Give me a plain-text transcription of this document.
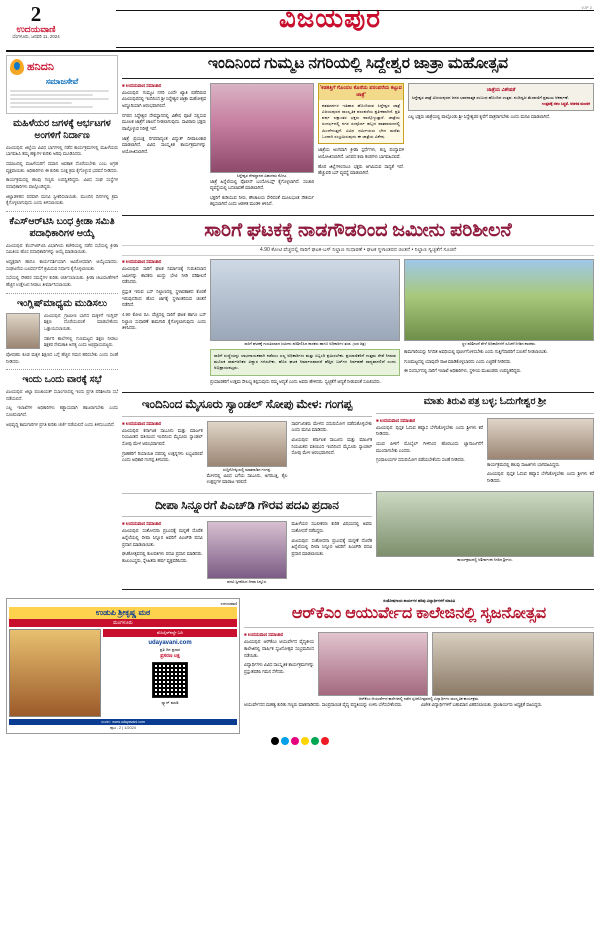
2
ಉದಯವಾಣಿ
ಬೆಂಗಳೂರು, ಜನವರಿ 11, 2024
ವಿಜಯಪುರ	VJP 2
ಹನಿದನಿ
ಸಮಾಜಸೇವೆ
ಮಹಿಳೆಯರ ಜಗಳಕ್ಕೆ ಆರ್ಭಟಗಳ ಅಂಗಳಿಗೆ ನಿರ್ದಾಣ

ವಿಜಯಪುರ: ಜಿಲ್ಲೆಯ ವಿವಿಧ ಭಾಗಗಳಲ್ಲಿ ನಡೆದ ಕಾರ್ಯಕ್ರಮಗಳಲ್ಲಿ ಮಹಿಳೆಯರು ಭಾಗವಹಿಸಿ ತಮ್ಮ ಹಕ್ಕುಗಳ ಕುರಿತು ಅರಿವು ಮೂಡಿಸಿದರು.

ಸಮಾಜದಲ್ಲಿ ಮಹಿಳೆಯರಿಗೆ ಸಮಾನ ಅವಕಾಶ ದೊರೆಯಬೇಕು ಎಂಬ ಆಗ್ರಹ ವ್ಯಕ್ತವಾಯಿತು. ಅಧಿಕಾರಿಗಳು ಈ ಕುರಿತು ಸೂಕ್ತ ಕ್ರಮ ಕೈಗೊಳ್ಳುವ ಭರವಸೆ ನೀಡಿದರು.

ಕಾರ್ಯಕ್ರಮದಲ್ಲಿ ಹಲವು ಗಣ್ಯರು ಉಪಸ್ಥಿತರಿದ್ದರು. ವಿವಿಧ ಸಂಘ ಸಂಸ್ಥೆಗಳ ಪದಾಧಿಕಾರಿಗಳು ಪಾಲ್ಗೊಂಡಿದ್ದರು.

ಜಿಲ್ಲಾಡಳಿತದ ಪರವಾಗಿ ಮನವಿ ಸ್ವೀಕರಿಸಲಾಯಿತು. ಮುಂದಿನ ದಿನಗಳಲ್ಲಿ ಕ್ರಮ ಕೈಗೊಳ್ಳಲಾಗುವುದು ಎಂದು ತಿಳಿಸಲಾಯಿತು.

ಕೆಎಸ್‌ಆರ್‌ಟಿಸಿ ಬಂಧ ಕ್ರೀಡಾ ಸಮಿತಿ ಪದಾಧಿಕಾರಿಗಳ ಆಯ್ಕೆ

ವಿಜಯಪುರ: ಕೆಎಸ್‌ಆರ್‌ಟಿಸಿ ವಿಭಾಗೀಯ ಕಚೇರಿಯಲ್ಲಿ ನಡೆದ ಸಭೆಯಲ್ಲಿ ಕ್ರೀಡಾ ಸಮಿತಿಯ ಹೊಸ ಪದಾಧಿಕಾರಿಗಳನ್ನು ಆಯ್ಕೆ ಮಾಡಲಾಯಿತು.

ಅಧ್ಯಕ್ಷರಾಗಿ ಹಾಗೂ ಕಾರ್ಯದರ್ಶಿಯಾಗಿ ಅವಿರೋಧವಾಗಿ ಆಯ್ಕೆಯಾದರು. ಸಂಘಟನೆಯ ಬಲವರ್ಧನೆಗೆ ಶ್ರಮಿಸುವ ನಿರ್ಧಾರ ಕೈಗೊಳ್ಳಲಾಯಿತು.

ಸಭೆಯಲ್ಲಿ ನೌಕರರ ಸಮಸ್ಯೆಗಳ ಕುರಿತು ಚರ್ಚಿಸಲಾಯಿತು. ಕ್ರೀಡಾ ಚಟುವಟಿಕೆಗಳಿಗೆ ಹೆಚ್ಚಿನ ಉತ್ತೇಜನ ನೀಡಲು ತೀರ್ಮಾನಿಸಲಾಯಿತು.

ಇಂಗ್ಲಿಷ್‌ಮಾಧ್ಯಮ ಮುಡಿಸಲು

ವಿಜಯಪುರ: ಗ್ರಾಮೀಣ ಭಾಗದ ಮಕ್ಕಳಿಗೆ ಇಂಗ್ಲಿಷ್ ಶಿಕ್ಷಣ ದೊರೆಯುವಂತೆ ಮಾಡಬೇಕೆಂದು ಒತ್ತಾಯಿಸಲಾಯಿತು.

ಸರ್ಕಾರಿ ಶಾಲೆಗಳಲ್ಲಿ ಗುಣಮಟ್ಟದ ಶಿಕ್ಷಣ ನೀಡಲು ಶಿಕ್ಷಕರ ನೇಮಕಾತಿ ಅಗತ್ಯ ಎಂದು ಅಭಿಪ್ರಾಯಪಟ್ಟರು.

ಪೋಷಕರು ಕೂಡ ಮಕ್ಕಳ ಶಿಕ್ಷಣದ ಬಗ್ಗೆ ಹೆಚ್ಚಿನ ಗಮನ ಹರಿಸಬೇಕು ಎಂದು ಸಲಹೆ ನೀಡಿದರು.

ಇಂದು ಒಂದು ವಾರಕ್ಕೆ ಸಭೆ

ವಿಜಯಪುರ: ಜಿಲ್ಲಾ ಪಂಚಾಯತ್ ಸಭಾಂಗಣದಲ್ಲಿ ಇಂದು ಪ್ರಗತಿ ಪರಿಶೀಲನಾ ಸಭೆ ನಡೆಯಲಿದೆ.

ಎಲ್ಲ ಇಲಾಖೆಗಳ ಅಧಿಕಾರಿಗಳು ಕಡ್ಡಾಯವಾಗಿ ಹಾಜರಾಗಬೇಕು ಎಂದು ಸೂಚಿಸಲಾಗಿದೆ.

ಅಭಿವೃದ್ಧಿ ಕಾಮಗಾರಿಗಳ ಪ್ರಗತಿ ಕುರಿತು ಚರ್ಚೆ ನಡೆಯಲಿದೆ ಎಂದು ತಿಳಿದುಬಂದಿದೆ.

ಇಂದಿನಿಂದ ಗುಮ್ಮಟ ನಗರಿಯಲ್ಲಿ ಸಿದ್ದೇಶ್ವರ ಜಾತ್ರಾ ಮಹೋತ್ಸವ
■ ಉದಯವಾಣಿ ಸಮಾಚಾರ

ವಿಜಯಪುರ: ಗುಮ್ಮಟ ನಗರಿ ಎಂದೇ ಖ್ಯಾತಿ ಪಡೆದಿರುವ ವಿಜಯಪುರದಲ್ಲಿ ಇಂದಿನಿಂದ ಶ್ರೀ ಸಿದ್ದೇಶ್ವರ ಜಾತ್ರಾ ಮಹೋತ್ಸವ ಅದ್ಧೂರಿಯಾಗಿ ಆರಂಭವಾಗಲಿದೆ.

ನಗರದ ಸಿದ್ದೇಶ್ವರ ದೇವಸ್ಥಾನದಲ್ಲಿ ವಿಶೇಷ ಪೂಜೆ ಸಲ್ಲಿಸುವ ಮೂಲಕ ಜಾತ್ರೆಗೆ ಚಾಲನೆ ನೀಡಲಾಗುವುದು. ಸಾವಿರಾರು ಭಕ್ತರು ಪಾಲ್ಗೊಳ್ಳುವ ನಿರೀಕ್ಷೆ ಇದೆ.

ಜಾತ್ರೆ ಪ್ರಯುಕ್ತ ನಗರದಾದ್ಯಂತ ವಿದ್ಯುತ್ ದೀಪಾಲಂಕಾರ ಮಾಡಲಾಗಿದೆ. ವಿವಿಧ ಸಾಂಸ್ಕೃತಿಕ ಕಾರ್ಯಕ್ರಮಗಳನ್ನು ಆಯೋಜಿಸಲಾಗಿದೆ.

ಸಿದ್ದೇಶ್ವರ ದೇವಸ್ಥಾನದ ವಿಹಂಗಮ ನೋಟ.

ಜಾತ್ರೆ ಹಿನ್ನೆಲೆಯಲ್ಲಿ ಪೊಲೀಸ್ ಬಂದೋಬಸ್ತ್ ಕೈಗೊಳ್ಳಲಾಗಿದೆ. ಸಂಚಾರ ವ್ಯವಸ್ಥೆಯಲ್ಲಿ ಬದಲಾವಣೆ ಮಾಡಲಾಗಿದೆ.

ಭಕ್ತರಿಗೆ ಕುಡಿಯುವ ನೀರು, ಶೌಚಾಲಯ ಸೇರಿದಂತೆ ಮೂಲಭೂತ ಸೌಕರ್ಯ ಕಲ್ಪಿಸಲಾಗಿದೆ ಎಂದು ಆಡಳಿತ ಮಂಡಳಿ ತಿಳಿಸಿದೆ.

'ಕಡಕತ್ತಿಗೆ ಗೊಂದಲ ಕೊನೆಯ ಪರಂಪರೆಯ ಕಟ್ಟುವ ಜಾತ್ರೆ'
ಶತಮಾನಗಳ ಇತಿಹಾಸ ಹೊಂದಿರುವ ಸಿದ್ದೇಶ್ವರ ಜಾತ್ರೆ ವಿಜಯಪುರದ ಸಾಂಸ್ಕೃತಿಕ ಪರಂಪರೆಯ ಪ್ರತೀಕವಾಗಿದೆ. ಪ್ರತಿ ವರ್ಷ ಲಕ್ಷಾಂತರ ಭಕ್ತರು ಪಾಲ್ಗೊಳ್ಳುತ್ತಾರೆ. ಜಾತ್ರೆಯ ಸಂದರ್ಭದಲ್ಲಿ ನಗರ ಸಂಪೂರ್ಣ ಹಬ್ಬದ ವಾತಾವರಣದಲ್ಲಿ ಮಿಂದೇಳುತ್ತದೆ. ವಿವಿಧ ಧರ್ಮಿಯರು ಭೇದ ಮರೆತು ಒಂದಾಗಿ ಸಂಭ್ರಮಿಸುವುದು ಈ ಜಾತ್ರೆಯ ವಿಶೇಷ.

ಜಾತ್ರೆಯ ಅಂಗವಾಗಿ ಕ್ರೀಡಾ ಸ್ಪರ್ಧೆಗಳು, ಕುಸ್ತಿ ಪಂದ್ಯಾವಳಿ ಆಯೋಜಿಸಲಾಗಿದೆ. ಜನಪದ ಕಲಾ ತಂಡಗಳು ಭಾಗವಹಿಸಲಿವೆ.

ಹೊರ ಜಿಲ್ಲೆಗಳಿಂದಲೂ ಭಕ್ತರು ಆಗಮಿಸುವ ಸಾಧ್ಯತೆ ಇದೆ. ಹೆಚ್ಚುವರಿ ಬಸ್ ವ್ಯವಸ್ಥೆ ಮಾಡಲಾಗಿದೆ.

ಜಾತ್ರೆಯ ವಿಶೇಷತೆ
ಸಿದ್ದೇಶ್ವರ ಜಾತ್ರೆ ವಿಜಯಪುರದ ಜನರ ಭಾವನಾತ್ಮಕ ಸಂಬಂಧ ಹೊಂದಿದ ಉತ್ಸವ. ನಂದಿಧ್ವಜ ಮೆರವಣಿಗೆ ಪ್ರಮುಖ ಆಕರ್ಷಣೆ.
ಉತ್ಸವಕ್ಕೆ ಸಕಲ ಸಿದ್ಧತೆ- ಆಡಳಿತ ಮಂಡಳಿ

ಎಲ್ಲ ಭಕ್ತರು ಜಾತ್ರೆಯಲ್ಲಿ ಪಾಲ್ಗೊಂಡು ಶ್ರೀ ಸಿದ್ದೇಶ್ವರರ ಕೃಪೆಗೆ ಪಾತ್ರರಾಗಬೇಕು ಎಂದು ಮನವಿ ಮಾಡಲಾಗಿದೆ.

ಸಾರಿಗೆ ಘಟಕಕ್ಕೆ ನಾಡಗೌಡರಿಂದ ಜಮೀನು ಪರಿಶೀಲನೆ
4.90 ಕೋಟಿ ವೆಚ್ಚದಲ್ಲಿ ಸಾರಿಗೆ ಘಟಕ-ಬಸ್ ನಿಲ್ದಾಣ ಸುಧಾರಣೆ • ಘಟಕ ಸ್ಥಳಾಂತರದ ಚಿಂತನೆ • ನಿಲ್ದಾಣ ಸ್ವಚ್ಛತೆಗೆ ಸೂಚನೆ
■ ಉದಯವಾಣಿ ಸಮಾಚಾರ

ವಿಜಯಪುರ: ಸಾರಿಗೆ ಘಟಕ ನಿರ್ಮಾಣಕ್ಕೆ ಗುರುತಿಸಲಾದ ಜಮೀನನ್ನು ಶಾಸಕರು ಖುದ್ದು ಭೇಟಿ ನೀಡಿ ಪರಿಶೀಲನೆ ನಡೆಸಿದರು.

ಪ್ರಸ್ತುತ ಇರುವ ಬಸ್ ನಿಲ್ದಾಣದಲ್ಲಿ ಸ್ಥಳಾವಕಾಶದ ಕೊರತೆ ಇರುವುದರಿಂದ ಹೊಸ ಜಾಗಕ್ಕೆ ಸ್ಥಳಾಂತರಿಸುವ ಚಿಂತನೆ ನಡೆದಿದೆ.

4.90 ಕೋಟಿ ರೂ. ವೆಚ್ಚದಲ್ಲಿ ಸಾರಿಗೆ ಘಟಕ ಹಾಗೂ ಬಸ್ ನಿಲ್ದಾಣ ಸುಧಾರಣೆ ಕಾಮಗಾರಿ ಕೈಗೊಳ್ಳಲಾಗುವುದು ಎಂದು ತಿಳಿಸಿದರು.

ಸಾರಿಗೆ ಘಟಕಕ್ಕೆ ಗುರುತಿಸಲಾದ ಜಮೀನು ಪರಿಶೀಲಿಸಿದ ಶಾಸಕರು ಹಾಗೂ ಅಧಿಕಾರಿಗಳ ತಂಡ. (ಎಡ ಚಿತ್ರ)
ಸಾರಿಗೆ ಸಂಸ್ಥೆಯನ್ನು ಲಾಭದಾಯಕವಾಗಿ ನಡೆಸಲು ಎಲ್ಲ ಅಧಿಕಾರಿಗಳು ಮತ್ತು ಸಿಬ್ಬಂದಿ ಶ್ರಮಿಸಬೇಕು. ಪ್ರಯಾಣಿಕರಿಗೆ ಉತ್ತಮ ಸೇವೆ ನೀಡುವ ಮೂಲಕ ಸಾರ್ವಜನಿಕರ ವಿಶ್ವಾಸ ಗಳಿಸಬೇಕು. ಹೊಸ ಘಟಕ ನಿರ್ಮಾಣವಾದರೆ ಹೆಚ್ಚಿನ ಬಸ್‌ಗಳ ನಿರ್ವಹಣೆ ಸಾಧ್ಯವಾಗಲಿದೆ ಎಂದು ಅಭಿಪ್ರಾಯಪಟ್ಟರು.

ಪ್ರಯಾಣಿಕರಿಗೆ ಉತ್ತಮ ಸೌಲಭ್ಯ ಕಲ್ಪಿಸುವುದು ನಮ್ಮ ಆದ್ಯತೆ ಎಂದು ಅವರು ಹೇಳಿದರು. ಸ್ವಚ್ಛತೆಗೆ ಆದ್ಯತೆ ನೀಡುವಂತೆ ಸೂಚಿಸಿದರು.

ಸ್ಥಳ ಪರಿಶೀಲನೆ ವೇಳೆ ಅಧಿಕಾರಿಗಳಿಗೆ ಸೂಚನೆ ನೀಡಿದ ಶಾಸಕರು.

ಕಾಮಗಾರಿಯನ್ನು ನಿಗದಿತ ಅವಧಿಯಲ್ಲಿ ಪೂರ್ಣಗೊಳಿಸಬೇಕು ಎಂದು ಗುತ್ತಿಗೆದಾರರಿಗೆ ಸೂಚನೆ ನೀಡಲಾಯಿತು.

ಗುಣಮಟ್ಟದಲ್ಲಿ ಯಾವುದೇ ರಾಜಿ ಮಾಡಿಕೊಳ್ಳಬಾರದು ಎಂದು ಎಚ್ಚರಿಕೆ ನೀಡಿದರು.

ಈ ಸಂದರ್ಭದಲ್ಲಿ ಸಾರಿಗೆ ಇಲಾಖೆ ಅಧಿಕಾರಿಗಳು, ಸ್ಥಳೀಯ ಮುಖಂಡರು ಉಪಸ್ಥಿತರಿದ್ದರು.

ಇಂದಿನಿಂದ ಮೈಸೂರು ಸ್ಯಾಂಡಲ್ ಸೋಪು ಮೇಳ: ಗಂಗಪ್ಪ
■ ಉದಯವಾಣಿ ಸಮಾಚಾರ

ವಿಜಯಪುರ: ಕರ್ನಾಟಕ ಸಾಬೂನು ಮತ್ತು ಮಾರ್ಜಕ ನಿಯಮಿತದ ವತಿಯಿಂದ ಇಂದಿನಿಂದ ಮೈಸೂರು ಸ್ಯಾಂಡಲ್ ಸೋಪು ಮೇಳ ಆರಂಭವಾಗಲಿದೆ.

ಗ್ರಾಹಕರಿಗೆ ರಿಯಾಯಿತಿ ದರದಲ್ಲಿ ಉತ್ಪನ್ನಗಳು ಲಭ್ಯವಿರಲಿವೆ ಎಂದು ಅಧಿಕಾರಿ ಗಂಗಪ್ಪ ತಿಳಿಸಿದರು.

ಸುದ್ದಿಗೋಷ್ಠಿಯಲ್ಲಿ ಮಾತನಾಡಿದ ಗಂಗಪ್ಪ.

ಮೇಳದಲ್ಲಿ ವಿವಿಧ ಬಗೆಯ ಸಾಬೂನು, ಅಗರಬತ್ತಿ, ತೈಲ ಉತ್ಪನ್ನಗಳ ಮಾರಾಟ ಇರಲಿದೆ.

ಸಾರ್ವಜನಿಕರು ಮೇಳದ ಸದುಪಯೋಗ ಪಡೆದುಕೊಳ್ಳಬೇಕು ಎಂದು ಮನವಿ ಮಾಡಿದರು.

ವಿಜಯಪುರ: ಕರ್ನಾಟಕ ಸಾಬೂನು ಮತ್ತು ಮಾರ್ಜಕ ನಿಯಮಿತದ ವತಿಯಿಂದ ಇಂದಿನಿಂದ ಮೈಸೂರು ಸ್ಯಾಂಡಲ್ ಸೋಪು ಮೇಳ ಆರಂಭವಾಗಲಿದೆ.

ದೀಪಾ ಸಿನ್ನೂರಗೆ ಪಿಎಚ್‌ಡಿ ಗೌರವ ಪದವಿ ಪ್ರದಾನ
■ ಉದಯವಾಣಿ ಸಮಾಚಾರ

ವಿಜಯಪುರ: ಸಂಶೋಧನಾ ಪ್ರಬಂಧಕ್ಕೆ ಮನ್ನಣೆ ದೊರೆತ ಹಿನ್ನೆಲೆಯಲ್ಲಿ ದೀಪಾ ಸಿನ್ನೂರ ಅವರಿಗೆ ಪಿಎಚ್‌ಡಿ ಪದವಿ ಪ್ರದಾನ ಮಾಡಲಾಯಿತು.

ಘಟಿಕೋತ್ಸವದಲ್ಲಿ ಕುಲಪತಿಗಳು ಪದವಿ ಪ್ರದಾನ ಮಾಡಿದರು. ಕುಟುಂಬಸ್ಥರು, ಸ್ನೇಹಿತರು ಹರ್ಷ ವ್ಯಕ್ತಪಡಿಸಿದರು.

ಪದವಿ ಸ್ವೀಕರಿಸಿದ ದೀಪಾ ಸಿನ್ನೂರ.

ಮಹಿಳೆಯರ ಸಬಲೀಕರಣ ಕುರಿತ ವಿಷಯದಲ್ಲಿ ಅವರು ಸಂಶೋಧನೆ ನಡೆಸಿದ್ದರು.

ವಿಜಯಪುರ: ಸಂಶೋಧನಾ ಪ್ರಬಂಧಕ್ಕೆ ಮನ್ನಣೆ ದೊರೆತ ಹಿನ್ನೆಲೆಯಲ್ಲಿ ದೀಪಾ ಸಿನ್ನೂರ ಅವರಿಗೆ ಪಿಎಚ್‌ಡಿ ಪದವಿ ಪ್ರದಾನ ಮಾಡಲಾಯಿತು.

ಮಾತು ತಿರುವಿ ಪತ್ರ ಬಳ್ಳ; ಓದುಗೇಶ್ವರ ಶ್ರೀ
■ ಉದಯವಾಣಿ ಸಮಾಚಾರ

ವಿಜಯಪುರ: ಪುಸ್ತಕ ಓದುವ ಹವ್ಯಾಸ ಬೆಳೆಸಿಕೊಳ್ಳಬೇಕು ಎಂದು ಶ್ರೀಗಳು ಕರೆ ನೀಡಿದರು.

ಯುವ ಪೀಳಿಗೆ ಮೊಬೈಲ್ ಗೀಳಿನಿಂದ ಹೊರಬಂದು ಜ್ಞಾನಾರ್ಜನೆಗೆ ಮುಂದಾಗಬೇಕು ಎಂದರು.

ಗ್ರಂಥಾಲಯಗಳ ಸದುಪಯೋಗ ಪಡೆಯಬೇಕೆಂದು ಸಲಹೆ ನೀಡಿದರು.

ಕಾರ್ಯಕ್ರಮದಲ್ಲಿ ಹಲವು ಸಾಹಿತಿಗಳು ಭಾಗವಹಿಸಿದ್ದರು.

ವಿಜಯಪುರ: ಪುಸ್ತಕ ಓದುವ ಹವ್ಯಾಸ ಬೆಳೆಸಿಕೊಳ್ಳಬೇಕು ಎಂದು ಶ್ರೀಗಳು ಕರೆ ನೀಡಿದರು.

ಕಾರ್ಯಕ್ರಮದಲ್ಲಿ ಆಶೀರ್ವಚನ ನೀಡಿದ ಶ್ರೀಗಳು.
ಉದಯವಾಣಿ
ಉಡುಪಿ ಶ್ರೀಕೃಷ್ಣ ಮಠ
ಮಂಗಳೂರು
ಮೊಬೈಲ್‌ನಲ್ಲೇ ಓದಿ
udayavani.com
ಪ್ರತಿ ದಿನ ಪ್ರಸಾರ
ಪ್ರಸರಣ ಲಕ್ಷ
ಸ್ಕ್ಯಾನ್ ಮಾಡಿ
ಸಂಪರ್ಕ: www.udayavani.com
ಪುಟ - 2 | 1/2024
ಸಂತೋಷಗಾಯ ಕಾರ್ಯಗಳ ಹರಿವು ವಿದ್ಯಾರ್ಥಿಗಳಿಗೆ ಮಾಹಿತಿ
ಆರ್‌ಕೆಎಂ ಆಯುರ್ವೇದ ಕಾಲೇಜಿನಲ್ಲಿ ಸೃಜನೋತ್ಸವ
■ ಉದಯವಾಣಿ ಸಮಾಚಾರ

ವಿಜಯಪುರ: ಆರ್‌ಕೆಎಂ ಆಯುರ್ವೇದ ವೈದ್ಯಕೀಯ ಕಾಲೇಜಿನಲ್ಲಿ ವಾರ್ಷಿಕ ಸೃಜನೋತ್ಸವ ಸಂಭ್ರಮದಿಂದ ನಡೆಯಿತು.

ವಿದ್ಯಾರ್ಥಿಗಳು ವಿವಿಧ ಸಾಂಸ್ಕೃತಿಕ ಕಾರ್ಯಕ್ರಮಗಳನ್ನು ಪ್ರಸ್ತುತಪಡಿಸಿ ಗಮನ ಸೆಳೆದರು.

ಆರ್‌ಕೆಎಂ ಆಯುರ್ವೇದ ಕಾಲೇಜಿನಲ್ಲಿ ನಡೆದ ಸೃಜನೋತ್ಸವದಲ್ಲಿ ವಿದ್ಯಾರ್ಥಿಗಳ ಸಾಂಸ್ಕೃತಿಕ ಕಾರ್ಯಕ್ರಮ.

ಆಯುರ್ವೇದದ ಮಹತ್ವ ಕುರಿತು ಗಣ್ಯರು ಮಾತನಾಡಿದರು. ಸಾಂಪ್ರದಾಯಿಕ ವೈದ್ಯ ಪದ್ಧತಿಯನ್ನು ಉಳಿಸಿ ಬೆಳೆಸಬೇಕೆಂದರು.	ವಿಜೇತ ವಿದ್ಯಾರ್ಥಿಗಳಿಗೆ ಬಹುಮಾನ ವಿತರಿಸಲಾಯಿತು. ಪ್ರಾಚಾರ್ಯರು ಅಧ್ಯಕ್ಷತೆ ವಹಿಸಿದ್ದರು.
